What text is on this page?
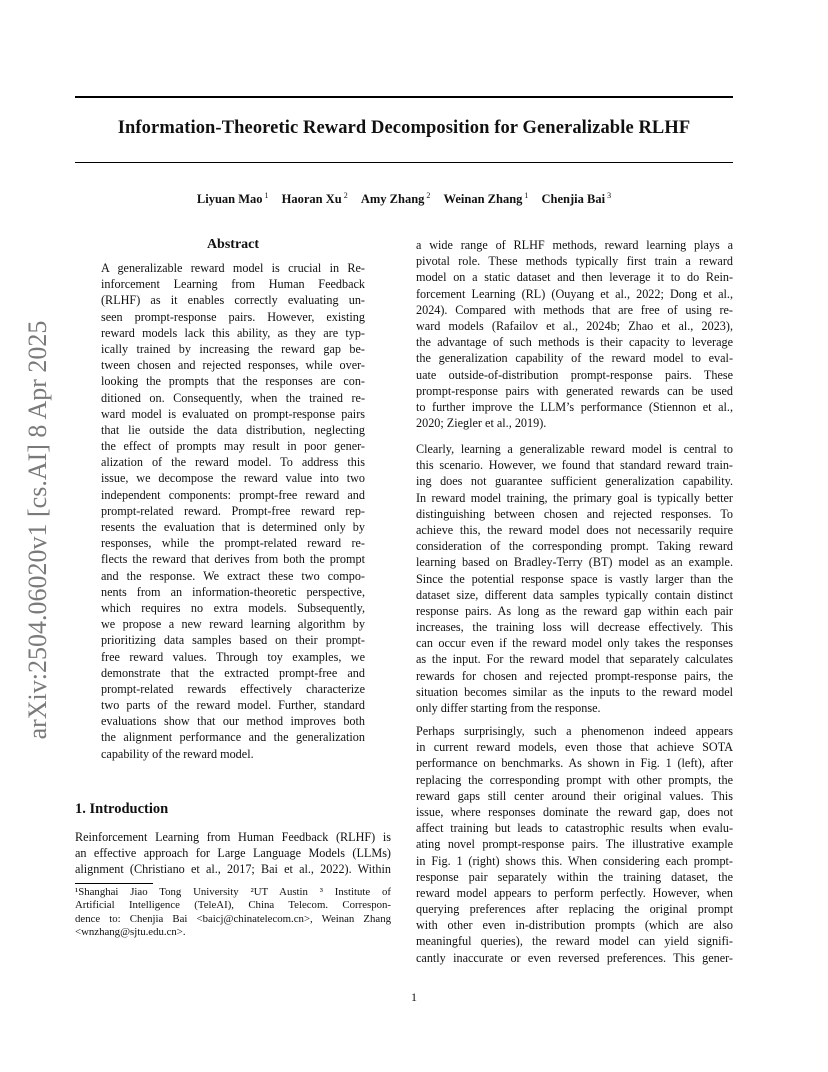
Information-Theoretic Reward Decomposition for Generalizable RLHF
Liyuan Mao $^1$ Haoran Xu $^2$ Amy Zhang $^2$ Weinan Zhang $^1$ Chenjia Bai $^3$
arXiv:2504.06020v1 [cs.AI] 8 Apr 2025
Abstract
A generalizable reward model is crucial in Re-
inforcement Learning from Human Feedback
(RLHF) as it enables correctly evaluating un-
seen prompt-response pairs. However, existing
reward models lack this ability, as they are typ-
ically trained by increasing the reward gap be-
tween chosen and rejected responses, while over-
looking the prompts that the responses are con-
ditioned on. Consequently, when the trained re-
ward model is evaluated on prompt-response pairs
that lie outside the data distribution, neglecting
the effect of prompts may result in poor gener-
alization of the reward model. To address this
issue, we decompose the reward value into two
independent components: prompt-free reward and
prompt-related reward. Prompt-free reward rep-
resents the evaluation that is determined only by
responses, while the prompt-related reward re-
flects the reward that derives from both the prompt
and the response. We extract these two compo-
nents from an information-theoretic perspective,
which requires no extra models. Subsequently,
we propose a new reward learning algorithm by
prioritizing data samples based on their prompt-
free reward values. Through toy examples, we
demonstrate that the extracted prompt-free and
prompt-related rewards effectively characterize
two parts of the reward model. Further, standard
evaluations show that our method improves both
the alignment performance and the generalization
capability of the reward model.
1. Introduction
Reinforcement Learning from Human Feedback (RLHF) is
an effective approach for Large Language Models (LLMs)
alignment (Christiano et al., 2017; Bai et al., 2022). Within
¹Shanghai Jiao Tong University ²UT Austin ³ Institute of
Artificial Intelligence (TeleAI), China Telecom. Correspon-
dence to: Chenjia Bai <baicj@chinatelecom.cn>, Weinan Zhang
<wnzhang@sjtu.edu.cn>.
a wide range of RLHF methods, reward learning plays a
pivotal role. These methods typically first train a reward
model on a static dataset and then leverage it to do Rein-
forcement Learning (RL) (Ouyang et al., 2022; Dong et al.,
2024). Compared with methods that are free of using re-
ward models (Rafailov et al., 2024b; Zhao et al., 2023),
the advantage of such methods is their capacity to leverage
the generalization capability of the reward model to eval-
uate outside-of-distribution prompt-response pairs. These
prompt-response pairs with generated rewards can be used
to further improve the LLM’s performance (Stiennon et al.,
2020; Ziegler et al., 2019).
Clearly, learning a generalizable reward model is central to
this scenario. However, we found that standard reward train-
ing does not guarantee sufficient generalization capability.
In reward model training, the primary goal is typically better
distinguishing between chosen and rejected responses. To
achieve this, the reward model does not necessarily require
consideration of the corresponding prompt. Taking reward
learning based on Bradley-Terry (BT) model as an example.
Since the potential response space is vastly larger than the
dataset size, different data samples typically contain distinct
response pairs. As long as the reward gap within each pair
increases, the training loss will decrease effectively. This
can occur even if the reward model only takes the responses
as the input. For the reward model that separately calculates
rewards for chosen and rejected prompt-response pairs, the
situation becomes similar as the inputs to the reward model
only differ starting from the response.
Perhaps surprisingly, such a phenomenon indeed appears
in current reward models, even those that achieve SOTA
performance on benchmarks. As shown in Fig. 1 (left), after
replacing the corresponding prompt with other prompts, the
reward gaps still center around their original values. This
issue, where responses dominate the reward gap, does not
affect training but leads to catastrophic results when evalu-
ating novel prompt-response pairs. The illustrative example
in Fig. 1 (right) shows this. When considering each prompt-
response pair separately within the training dataset, the
reward model appears to perform perfectly. However, when
querying preferences after replacing the original prompt
with other even in-distribution prompts (which are also
meaningful queries), the reward model can yield signifi-
cantly inaccurate or even reversed preferences. This gener-
1
